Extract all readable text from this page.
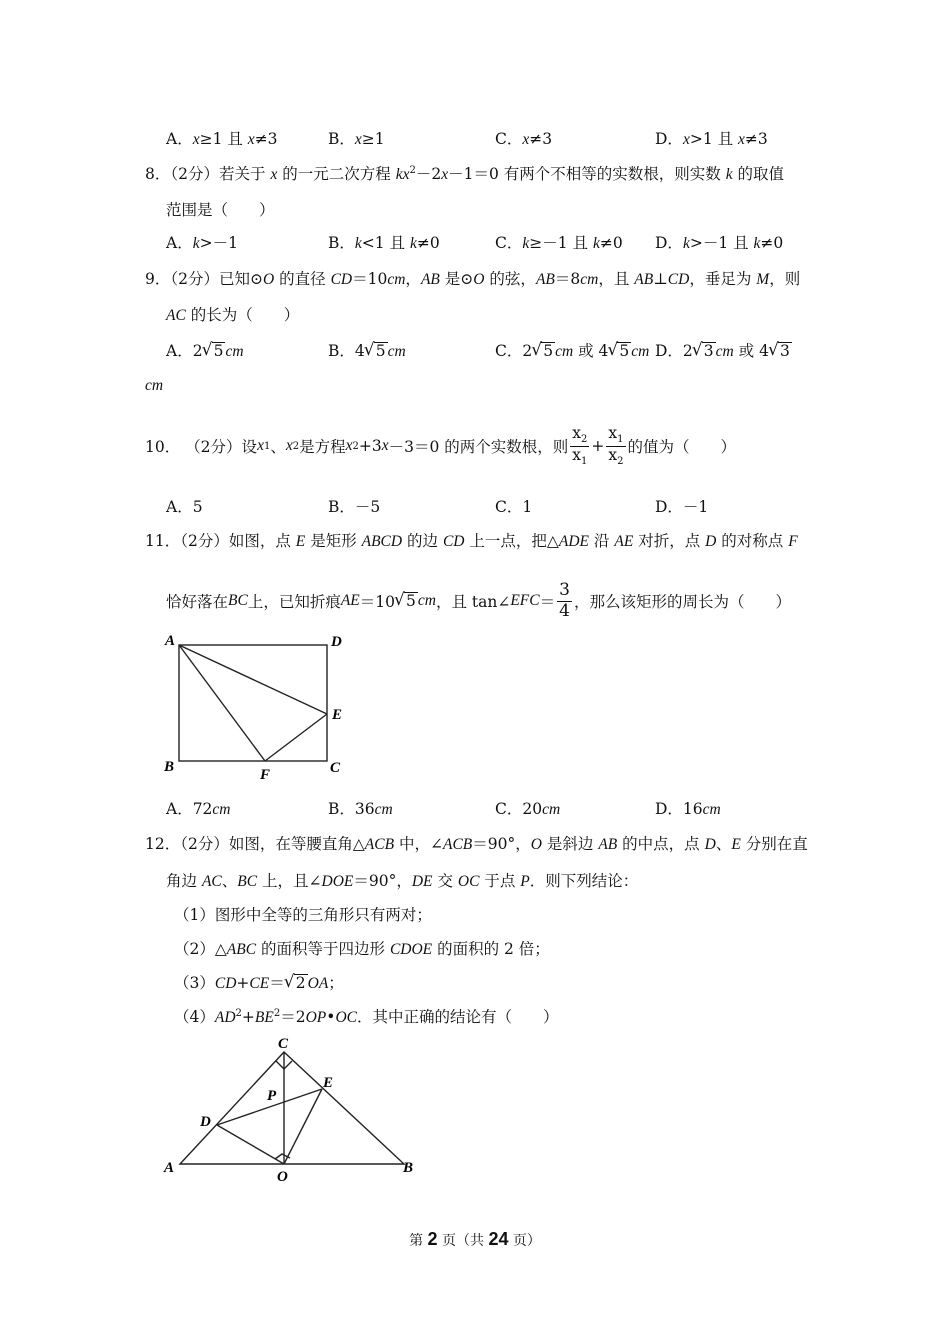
A．x≥1 且 x≠3	B．x≥1	C．x≠3	D．x>1 且 x≠3
8．（2分）若关于 x 的一元二次方程 $kx^2-2x-1=0$ 有两个不相等的实数根，则实数 k 的取值
范围是（　　）
A．k>－1	B．k<1 且 k≠0	C．k≥－1 且 k≠0 D．k>－1 且 k≠0
9．（2分）已知⊙O 的直径 CD＝10cm，AB 是⊙O 的弦，AB＝8cm，且 AB⊥CD，垂足为 M，则
AC 的长为（　　）
A．2 √ 5 cm	B．4 √ 5 cm	C．2 √ 5 cm 或 4 √ 5 cm D．2 √ 3 cm 或 4 √ 3
cm
10．
（2分） 设 x 1 、 x 2 是方程 x 2 +3 x －3＝0 的两个实数根，则 $\frac{x_2}{x_1} + \frac{x_1}{x_2}$ 的值为（　　）
A．5	B．－5	C．1	D．－1
11．（2分）如图，点 E 是矩形 ABCD 的边 CD 上一点，把△ADE 沿 AE 对折，点 D 的对称点 F
恰好落在 BC 上，已知折痕 AE ＝10 √ 5 cm ，且 tan∠ EFC ＝ $\frac{3}{4}$ ，那么该矩形的周长为（　　）
A	D
E
B	F	C
A．72cm	B．36cm	C．20cm	D．16cm
12．（2分）如图，在等腰直角△ACB 中，∠ACB＝90°，O 是斜边 AB 的中点，点 D、E 分别在直
角边 AC、BC 上，且∠DOE＝90°，DE 交 OC 于点 P．则下列结论：
（1）图形中全等的三角形只有两对；
（2）△ABC 的面积等于四边形 CDOE 的面积的 2 倍；
（3）CD+CE＝ √ 2 OA；
$(4)AD^2+BE^2=2OP•OC$．其中正确的结论有（　　）
C
E
P
D
A
O
B
第 2 页（共 24 页）
